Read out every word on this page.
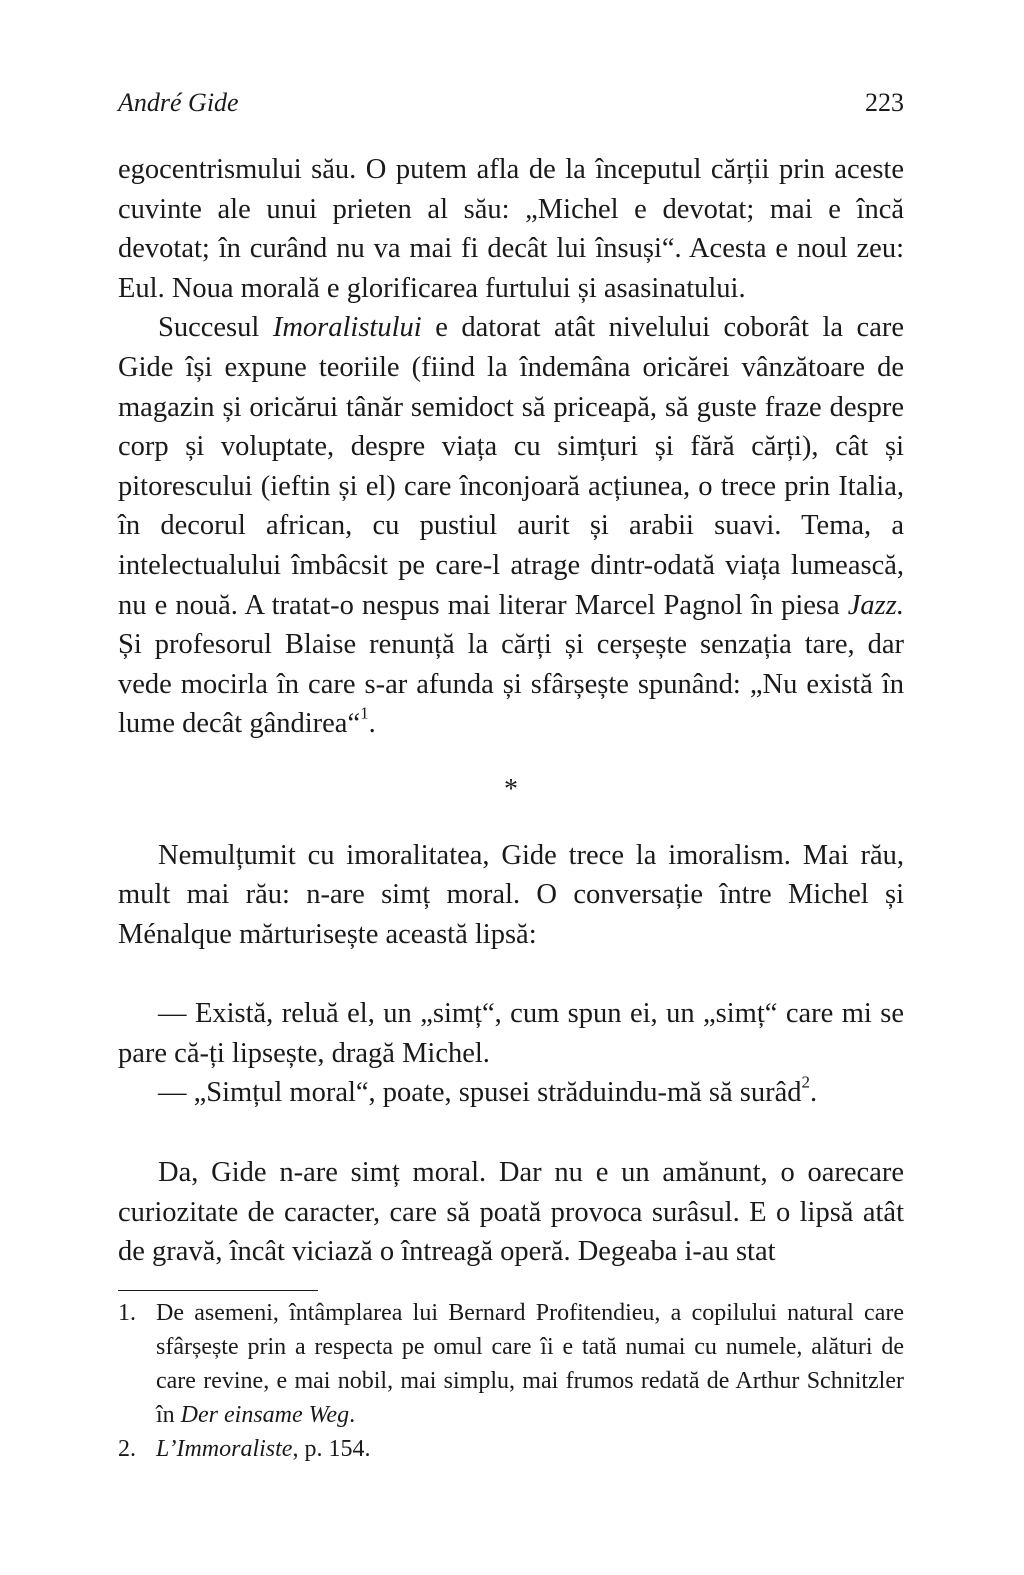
André Gide	223

egocentrismului său. O putem afla de la începutul cărții prin aceste cuvinte ale unui prieten al său: „Michel e devotat; mai e încă devotat; în curând nu va mai fi decât lui însuși“. Acesta e noul zeu: Eul. Noua morală e glorificarea furtului și asasinatului.

Succesul Imoralistului e datorat atât nivelului coborât la care Gide își expune teoriile (fiind la îndemâna oricărei vânzătoare de magazin și oricărui tânăr semidoct să priceapă, să guste fraze despre corp și voluptate, despre viața cu simțuri și fără cărți), cât și pitorescului (ieftin și el) care înconjoară acțiunea, o trece prin Italia, în decorul african, cu pustiul aurit și arabii suavi. Tema, a intelectualului îmbâcsit pe care-l atrage dintr-odată viața lumească, nu e nouă. A tratat-o nespus mai literar Marcel Pagnol în piesa Jazz. Și profesorul Blaise renunță la cărți și cerșește senzația tare, dar vede mocirla în care s-ar afunda și sfârșește spunând: „Nu există în lume decât gândirea“$^1$.

*

Nemulțumit cu imoralitatea, Gide trece la imoralism. Mai rău, mult mai rău: n-are simț moral. O conversație între Michel și Ménalque mărturisește această lipsă:

— Există, reluă el, un „simț“, cum spun ei, un „simț“ care mi se pare că-ți lipsește, dragă Michel.

— „Simțul moral“, poate, spusei străduindu-mă să surâd$^2$.

Da, Gide n-are simț moral. Dar nu e un amănunt, o oarecare curiozitate de caracter, care să poată provoca surâsul. E o lipsă atât de gravă, încât viciază o întreagă operă. Degeaba i-au stat

1. De asemeni, întâmplarea lui Bernard Profitendieu, a copilului natural care sfârșește prin a respecta pe omul care îi e tată numai cu numele, alături de care revine, e mai nobil, mai simplu, mai frumos redată de Arthur Schnitzler în Der einsame Weg.
2. L’Immoraliste, p. 154.
